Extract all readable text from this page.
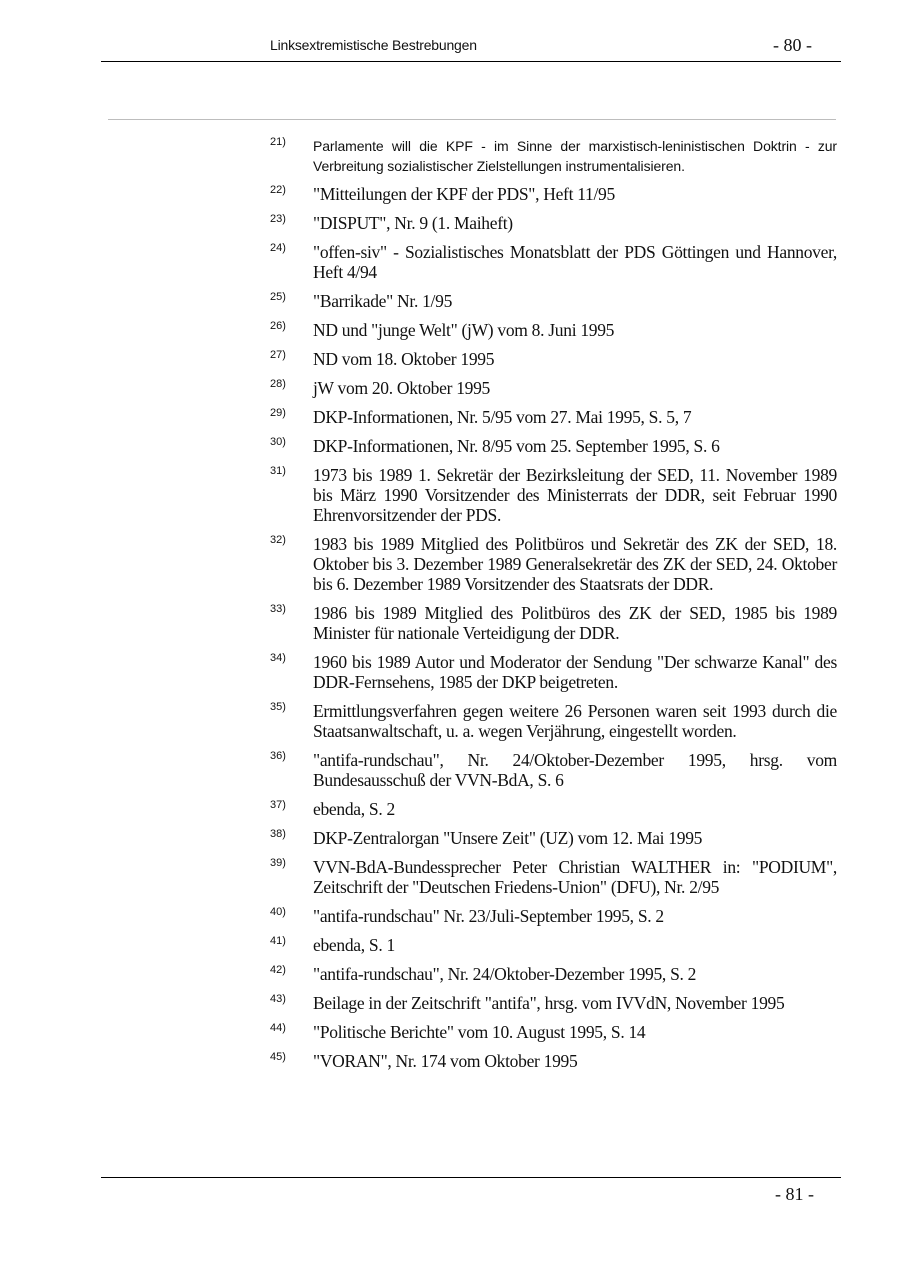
Linksextremistische Bestrebungen	- 80 -
21) Parlamente will die KPF - im Sinne der marxistisch-leninistischen Doktrin - zur Verbreitung sozialistischer Zielstellungen instrumentalisieren.
22) "Mitteilungen der KPF der PDS", Heft 11/95
23) "DISPUT", Nr. 9 (1. Maiheft)
24) "offen-siv" - Sozialistisches Monatsblatt der PDS Göttingen und Hannover, Heft 4/94
25) "Barrikade" Nr. 1/95
26) ND und "junge Welt" (jW) vom 8. Juni 1995
27) ND vom 18. Oktober 1995
28) jW vom 20. Oktober 1995
29) DKP-Informationen, Nr. 5/95 vom 27. Mai 1995, S. 5, 7
30) DKP-Informationen, Nr. 8/95 vom 25. September 1995, S. 6
31) 1973 bis 1989 1. Sekretär der Bezirksleitung der SED, 11. November 1989 bis März 1990 Vorsitzender des Ministerrats der DDR, seit Februar 1990 Ehrenvorsitzender der PDS.
32) 1983 bis 1989 Mitglied des Politbüros und Sekretär des ZK der SED, 18. Oktober bis 3. Dezember 1989 Generalsekretär des ZK der SED, 24. Oktober bis 6. Dezember 1989 Vorsitzender des Staatsrats der DDR.
33) 1986 bis 1989 Mitglied des Politbüros des ZK der SED, 1985 bis 1989 Minister für nationale Verteidigung der DDR.
34) 1960 bis 1989 Autor und Moderator der Sendung "Der schwarze Kanal" des DDR-Fernsehens, 1985 der DKP beigetreten.
35) Ermittlungsverfahren gegen weitere 26 Personen waren seit 1993 durch die Staatsanwaltschaft, u. a. wegen Verjährung, eingestellt worden.
36) "antifa-rundschau", Nr. 24/Oktober-Dezember 1995, hrsg. vom Bundesausschuß der VVN-BdA, S. 6
37) ebenda, S. 2
38) DKP-Zentralorgan "Unsere Zeit" (UZ) vom 12. Mai 1995
39) VVN-BdA-Bundessprecher Peter Christian WALTHER in: "PODIUM", Zeitschrift der "Deutschen Friedens-Union" (DFU), Nr. 2/95
40) "antifa-rundschau" Nr. 23/Juli-September 1995, S. 2
41) ebenda, S. 1
42) "antifa-rundschau", Nr. 24/Oktober-Dezember 1995, S. 2
43) Beilage in der Zeitschrift "antifa", hrsg. vom IVVdN, November 1995
44) "Politische Berichte" vom 10. August 1995, S. 14
45) "VORAN", Nr. 174 vom Oktober 1995
- 81 -
